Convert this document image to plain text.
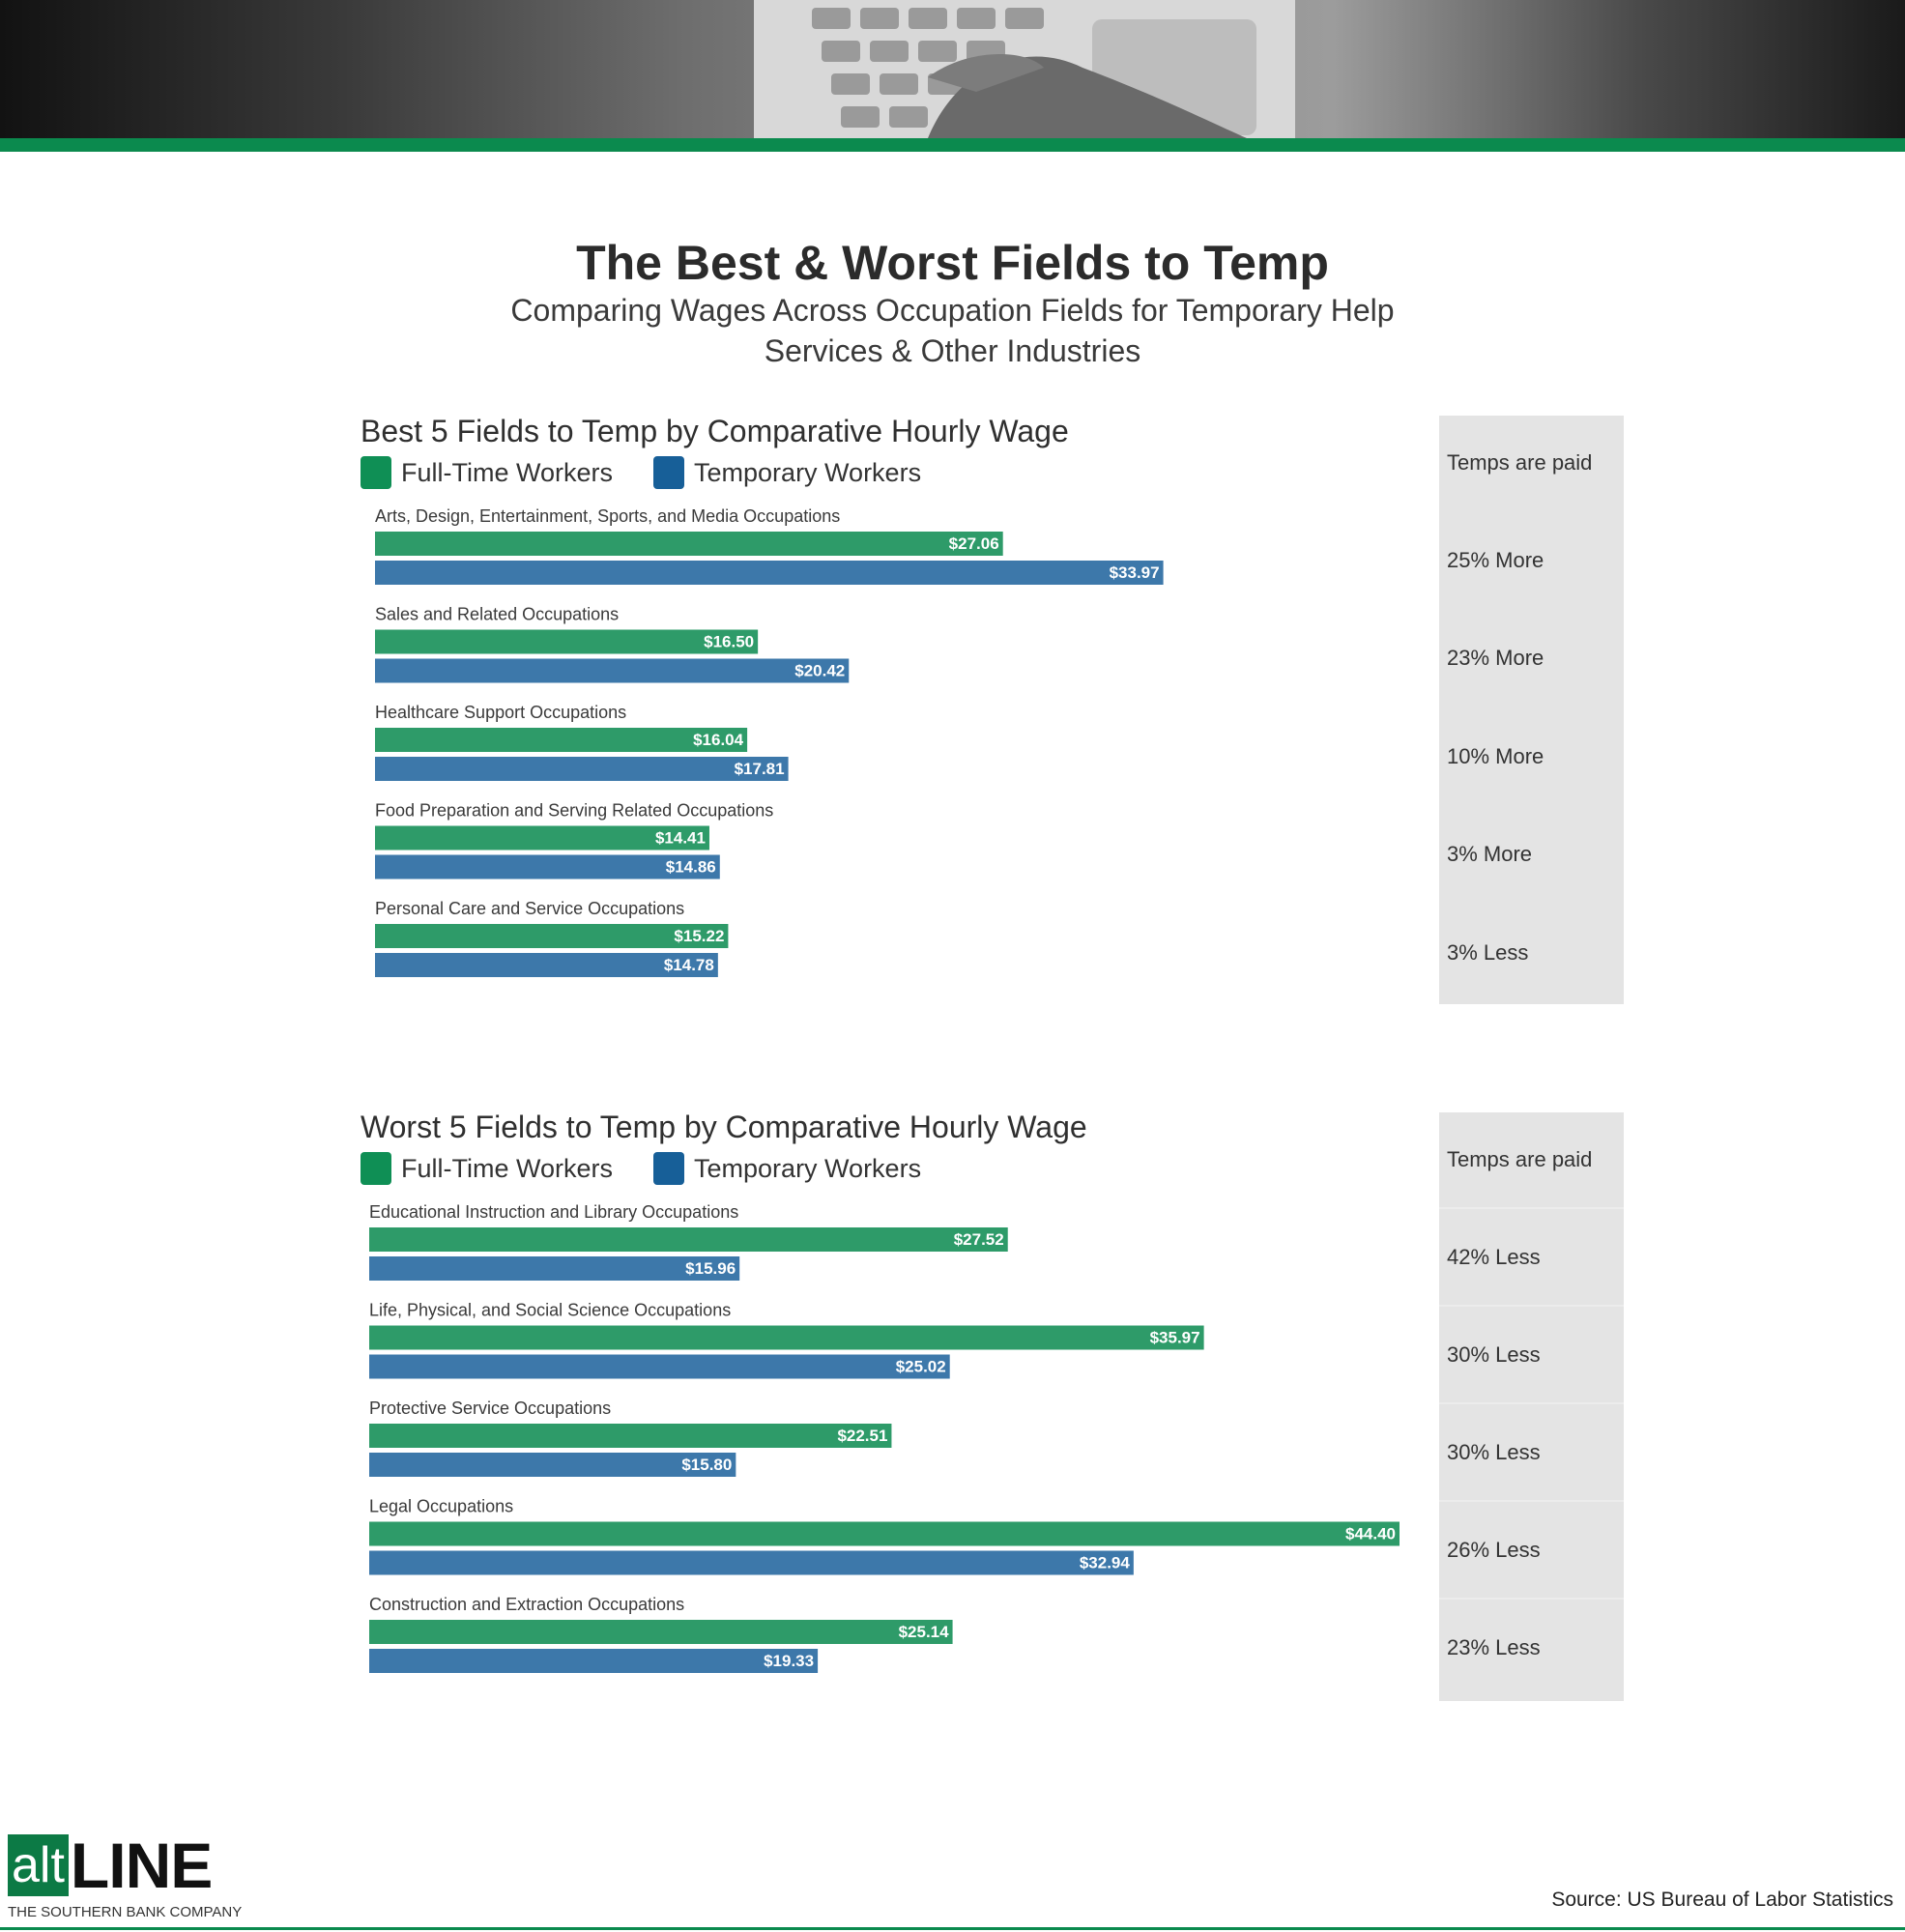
The Best & Worst Fields to Temp
Comparing Wages Across Occupation Fields for Temporary Help
Services & Other Industries
Temps are paid
25% More
23% More
10% More
3% More
3% Less
Best 5 Fields to Temp by Comparative Hourly Wage
Full-Time Workers	Temporary Workers
Arts, Design, Entertainment, Sports, and Media Occupations
$27.06
$33.97
Sales and Related Occupations
$16.50
$20.42
Healthcare Support Occupations
$16.04
$17.81
Food Preparation and Serving Related Occupations
$14.41
$14.86
Personal Care and Service Occupations
$15.22
$14.78
Temps are paid
42% Less
30% Less
30% Less
26% Less
23% Less
Worst 5 Fields to Temp by Comparative Hourly Wage
Full-Time Workers	Temporary Workers
Educational Instruction and Library Occupations
$27.52
$15.96
Life, Physical, and Social Science Occupations
$35.97
$25.02
Protective Service Occupations
$22.51
$15.80
Legal Occupations
$44.40
$32.94
Construction and Extraction Occupations
$25.14
$19.33
alt LINE
THE SOUTHERN BANK COMPANY
Source: US Bureau of Labor Statistics
